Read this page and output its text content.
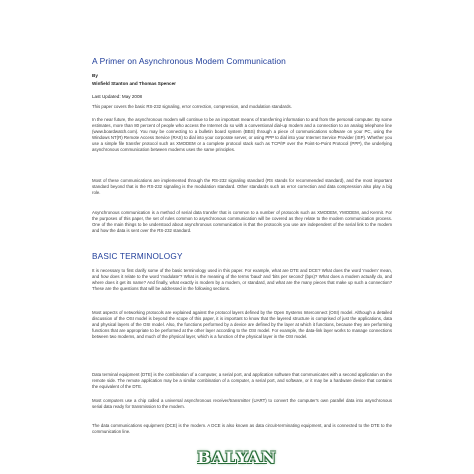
A Primer on Asynchronous Modem Communication
By
Winfield Stanton and Thomas Spencer
Last Updated: May 2008

This paper covers the basic RS-232 signaling, error correction, compression, and modulation standards.

In the near future, the asynchronous modem will continue to be an important means of transferring information to and from the personal computer. By some estimates, more than 80 percent of people who access the Internet do so with a conventional dial-up modem and a connection to an analog telephone line (www.boardwatch.com). You may be connecting to a bulletin board system (BBS) through a piece of communications software on your PC, using the Windows NT(R) Remote Access Service (RAS) to dial into your corporate server, or using PPP to dial into your Internet Service Provider (ISP). Whether you use a simple file transfer protocol such as XMODEM or a complete protocol stack such as TCP/IP over the Point-to-Point Protocol (PPP), the underlying asynchronous communication between modems uses the same principles.

Most of these communications are implemented through the RS-232 signaling standard (RS stands for recommended standard), and the most important standard beyond that is the RS-232 signaling is the modulation standard. Other standards such as error correction and data compression also play a big role.

Asynchronous communication is a method of serial data transfer that is common to a number of protocols such as XMODEM, YMODEM, and Kermit. For the purposes of this paper, the set of rules common to asynchronous communication will be covered as they relate to the modem communication process. One of the main things to be understood about asynchronous communication is that the protocols you use are independent of the serial link to the modem and how the data is sent over the RS-232 standard.

BASIC TERMINOLOGY

It is necessary to first clarify some of the basic terminology used in this paper. For example, what are DTE and DCE? What does the word 'modem' mean, and how does it relate to the word 'modulate'? What is the meaning of the terms 'baud' and 'bits per second' (bps)? What does a modem actually do, and where does it get its name? And finally, what exactly is modem by a modem, or standard, and what are the many pieces that make up such a connection? These are the questions that will be addressed in the following sections.

Most aspects of networking protocols are explained against the protocol layers defined by the Open Systems Interconnect (OSI) model. Although a detailed discussion of the OSI model is beyond the scope of this paper, it is important to know that the layered structure is comprised of just the applications, data and physical layers of the OSI model. Also, the functions performed by a device are defined by the layer at which it functions, because they are performing functions that are appropriate to be performed at the other layer according to the OSI model. For example, the data-link layer works to manage connections between two modems, and much of the physical layer, which is a function of the physical layer in the OSI model.

Data terminal equipment (DTE) is the combination of a computer, a serial port, and application software that communicates with a second application on the remote side. The remote application may be a similar combination of a computer, a serial port, and software, or it may be a hardware device that contains the equivalent of the DTE.

Most computers use a chip called a universal asynchronous receiver/transmitter (UART) to convert the computer's own parallel data into asynchronous serial data ready for transmission to the modem.

The data communications equipment (DCE) is the modem. A DCE is also known as data circuit-terminating equipment, and is connected to the DTE to the communication line.

BALYAN
